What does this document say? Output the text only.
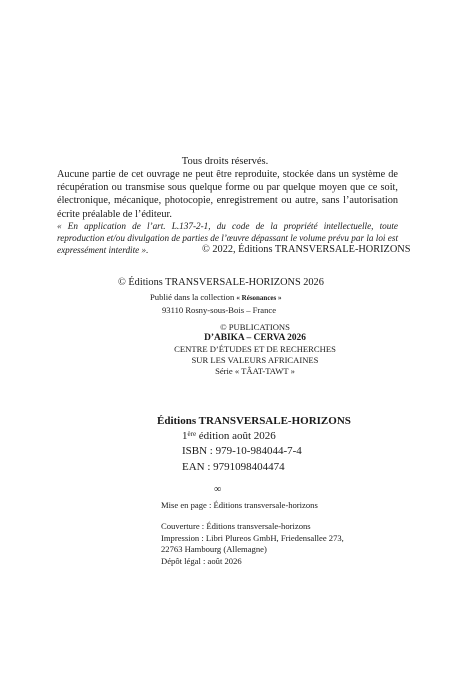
Tous droits réservés.
Aucune partie de cet ouvrage ne peut être reproduite, stockée dans un système de récupération ou transmise sous quelque forme ou par quelque moyen que ce soit, électronique, mécanique, photocopie, enregistrement ou autre, sans l’autorisation écrite préalable de l’éditeur.
« En application de l’art. L.137-2-1, du code de la propriété intellectuelle, toute reproduction et/ou divulgation de parties de l’œuvre dépassant le volume prévu par la loi est expressément interdite ».	© 2022, Éditions TRANSVERSALE-HORIZONS
© Éditions TRANSVERSALE-HORIZONS 2026
Publié dans la collection « Résonances »
93110 Rosny-sous-Bois – France
© PUBLICATIONS
D’ABIKA – CERVA 2026
CENTRE D’ÉTUDES ET DE RECHERCHES
SUR LES VALEURS AFRICAINES
Série « TÂAT-TAWT »
Éditions TRANSVERSALE-HORIZONS
1ère édition août 2026
ISBN : 979-10-984044-7-4
EAN : 9791098404474
∞
Mise en page : Éditions transversale-horizons
Couverture : Éditions transversale-horizons
Impression : Libri Plureos GmbH, Friedensallee 273,
22763 Hambourg (Allemagne)
Dépôt légal : août 2026
